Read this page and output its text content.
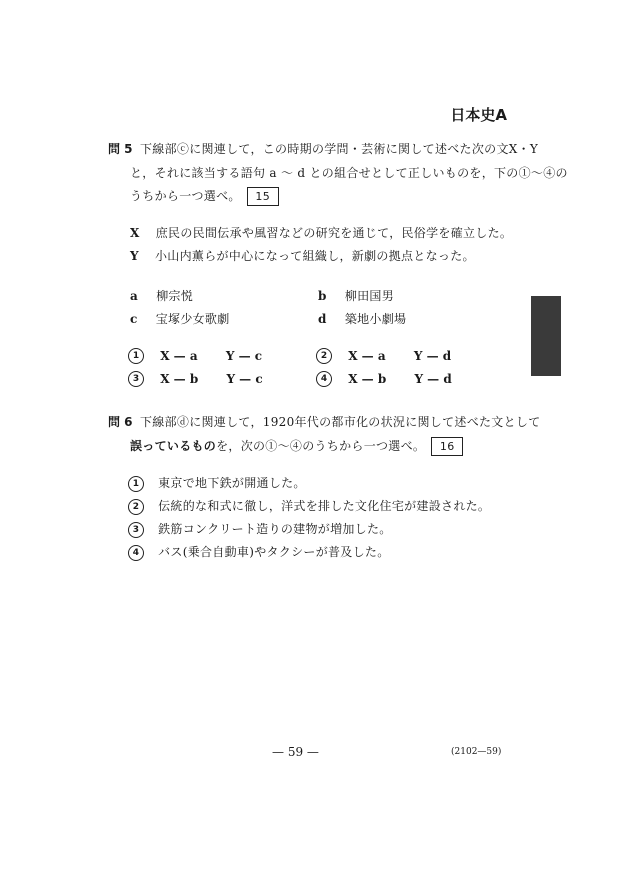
日本史A
問 5 下線部ⓒに関連して，この時期の学問・芸術に関して述べた次の文X・Y
と，それに該当する語句 a ～ d との組合せとして正しいものを，下の①～④の
うちから一つ選べ。 15
X 庶民の民間伝承や風習などの研究を通じて，民俗学を確立した。
Y 小山内薫らが中心になって組織し，新劇の拠点となった。
a 柳宗悦	b 柳田国男
c 宝塚少女歌劇	d 築地小劇場
1 X — a Y — c	2 X — a Y — d
3 X — b Y — c	4 X — b Y — d
問 6 下線部ⓓに関連して，1920年代の都市化の状況に関して述べた文として
誤っているものを，次の①～④のうちから一つ選べ。 16
1 東京で地下鉄が開通した。
2 伝統的な和式に徹し，洋式を排した文化住宅が建設された。
3 鉄筋コンクリート造りの建物が増加した。
4 バス(乗合自動車)やタクシーが普及した。
— 59 —	(2102—59)
